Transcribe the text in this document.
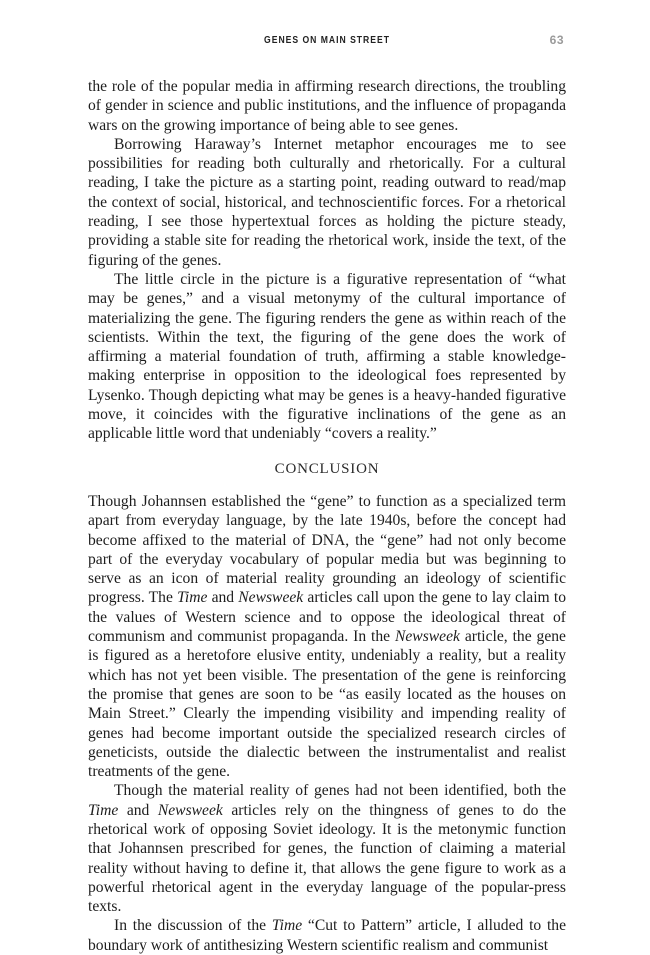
GENES ON MAIN STREET	63

the role of the popular media in affirming research directions, the troubling of gender in science and public institutions, and the influence of propaganda wars on the growing importance of being able to see genes.

Borrowing Haraway’s Internet metaphor encourages me to see possibilities for reading both culturally and rhetorically. For a cultural reading, I take the picture as a starting point, reading outward to read/map the context of social, historical, and technoscientific forces. For a rhetorical reading, I see those hypertextual forces as holding the picture steady, providing a stable site for reading the rhetorical work, inside the text, of the figuring of the genes.

The little circle in the picture is a figurative representation of “what may be genes,” and a visual metonymy of the cultural importance of materializing the gene. The figuring renders the gene as within reach of the scientists. Within the text, the figuring of the gene does the work of affirming a material foundation of truth, affirming a stable knowledge-making enterprise in opposition to the ideological foes represented by Lysenko. Though depicting what may be genes is a heavy-handed figurative move, it coincides with the figurative inclinations of the gene as an applicable little word that undeniably “covers a reality.”

CONCLUSION

Though Johannsen established the “gene” to function as a specialized term apart from everyday language, by the late 1940s, before the concept had become affixed to the material of DNA, the “gene” had not only become part of the everyday vocabulary of popular media but was beginning to serve as an icon of material reality grounding an ideology of scientific progress. The Time and Newsweek articles call upon the gene to lay claim to the values of Western science and to oppose the ideological threat of communism and communist propaganda. In the Newsweek article, the gene is figured as a heretofore elusive entity, undeniably a reality, but a reality which has not yet been visible. The presentation of the gene is reinforcing the promise that genes are soon to be “as easily located as the houses on Main Street.” Clearly the impending visibility and impending reality of genes had become important outside the specialized research circles of geneticists, outside the dialectic between the instrumentalist and realist treatments of the gene.

Though the material reality of genes had not been identified, both the Time and Newsweek articles rely on the thingness of genes to do the rhetorical work of opposing Soviet ideology. It is the metonymic function that Johannsen prescribed for genes, the function of claiming a material reality without having to define it, that allows the gene figure to work as a powerful rhetorical agent in the everyday language of the popular-press texts.

In the discussion of the Time “Cut to Pattern” article, I alluded to the boundary work of antithesizing Western scientific realism and communist
